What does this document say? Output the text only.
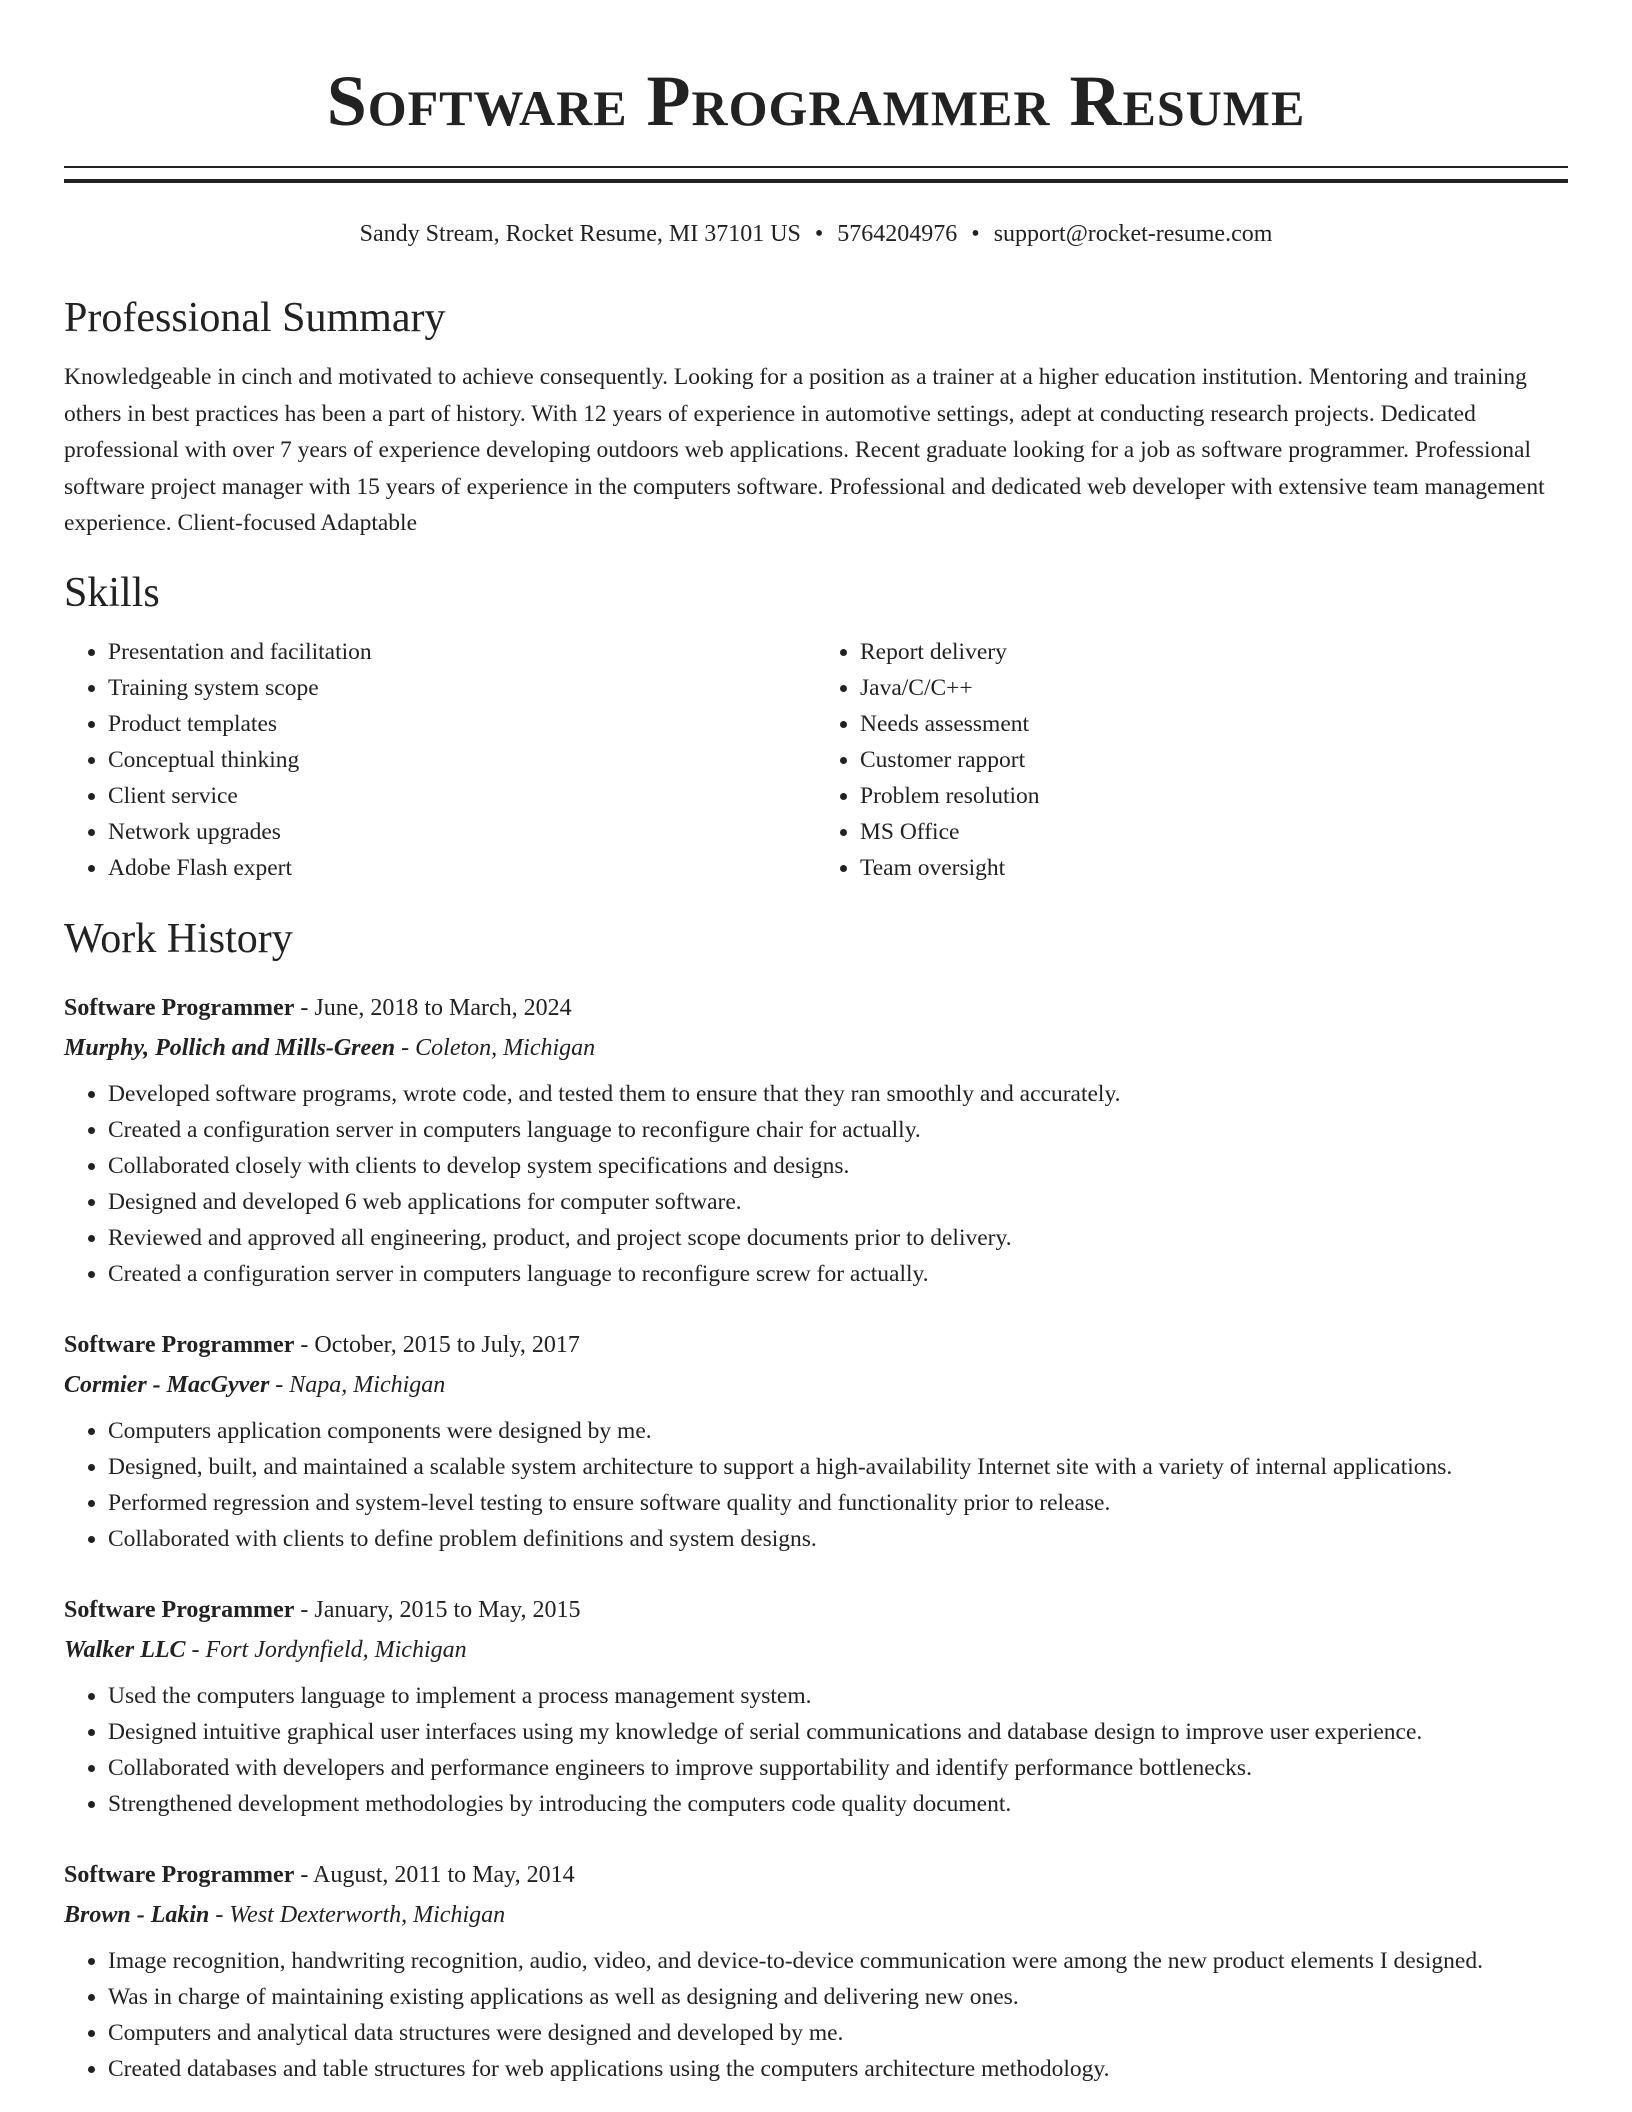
Software Programmer Resume
Sandy Stream, Rocket Resume, MI 37101 US • 5764204976 • support@rocket-resume.com
Professional Summary

Knowledgeable in cinch and motivated to achieve consequently. Looking for a position as a trainer at a higher education institution. Mentoring and training others in best practices has been a part of history. With 12 years of experience in automotive settings, adept at conducting research projects. Dedicated professional with over 7 years of experience developing outdoors web applications. Recent graduate looking for a job as software programmer. Professional software project manager with 15 years of experience in the computers software. Professional and dedicated web developer with extensive team management experience. Client-focused Adaptable

Skills
• Presentation and facilitation
• Training system scope
• Product templates
• Conceptual thinking
• Client service
• Network upgrades
• Adobe Flash expert
• Report delivery
• Java/C/C++
• Needs assessment
• Customer rapport
• Problem resolution
• MS Office
• Team oversight
Work History
Software Programmer - June, 2018 to March, 2024
Murphy, Pollich and Mills-Green - Coleton, Michigan
• Developed software programs, wrote code, and tested them to ensure that they ran smoothly and accurately.
• Created a configuration server in computers language to reconfigure chair for actually.
• Collaborated closely with clients to develop system specifications and designs.
• Designed and developed 6 web applications for computer software.
• Reviewed and approved all engineering, product, and project scope documents prior to delivery.
• Created a configuration server in computers language to reconfigure screw for actually.
Software Programmer - October, 2015 to July, 2017
Cormier - MacGyver - Napa, Michigan
• Computers application components were designed by me.
• Designed, built, and maintained a scalable system architecture to support a high-availability Internet site with a variety of internal applications.
• Performed regression and system-level testing to ensure software quality and functionality prior to release.
• Collaborated with clients to define problem definitions and system designs.
Software Programmer - January, 2015 to May, 2015
Walker LLC - Fort Jordynfield, Michigan
• Used the computers language to implement a process management system.
• Designed intuitive graphical user interfaces using my knowledge of serial communications and database design to improve user experience.
• Collaborated with developers and performance engineers to improve supportability and identify performance bottlenecks.
• Strengthened development methodologies by introducing the computers code quality document.
Software Programmer - August, 2011 to May, 2014
Brown - Lakin - West Dexterworth, Michigan
• Image recognition, handwriting recognition, audio, video, and device-to-device communication were among the new product elements I designed.
• Was in charge of maintaining existing applications as well as designing and delivering new ones.
• Computers and analytical data structures were designed and developed by me.
• Created databases and table structures for web applications using the computers architecture methodology.
